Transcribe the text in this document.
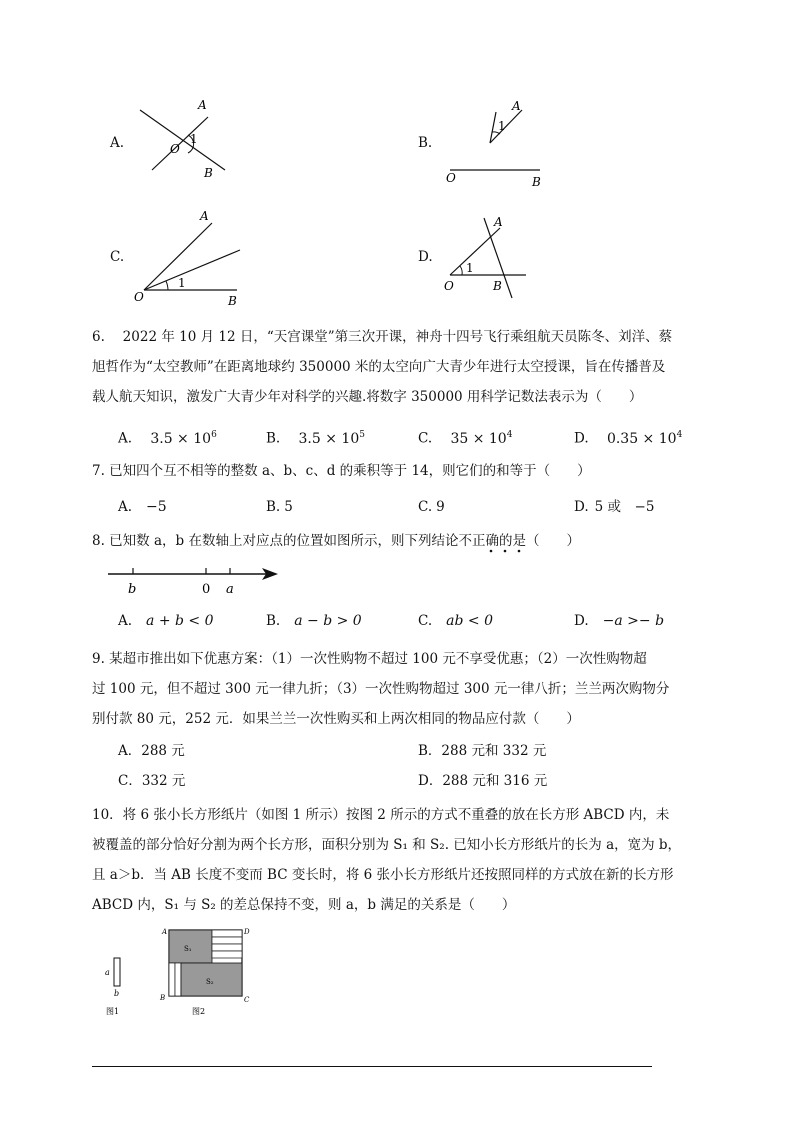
A.
A
O
1
B
B.
A
1
O	B
C.
A
1
O	B
D.
A
1
O	B
6.　 2022 年 10 月 12 日，“天宫课堂”第三次开课，神舟十四号飞行乘组航天员陈冬、刘洋、蔡
旭哲作为“太空教师”在距离地球约 350000 米的太空向广大青少年进行太空授课，旨在传播普及
载人航天知识，激发广大青少年对科学的兴趣.将数字 350000 用科学记数法表示为（　　）
A. $3.5 \times 10^6$	B. $3.5 \times 10^5$	C. $35 \times 10^4$	D. $0.35 \times 10^4$
7. 已知四个互不相等的整数 a、b、c、d 的乘积等于 14，则它们的和等于（　　）
A. −5	B. 5	C. 9	D. 5 或　−5
8. 已知数 a，b 在数轴上对应点的位置如图所示，则下列结论不正确的是（　　）
b	0 a
A. a + b < 0	B. a − b > 0	C. ab < 0	D. −a >− b
9. 某超市推出如下优惠方案：（1）一次性购物不超过 100 元不享受优惠；（2）一次性购物超
过 100 元，但不超过 300 元一律九折；（3）一次性购物超过 300 元一律八折；兰兰两次购物分
别付款 80 元，252 元．如果兰兰一次性购买和上两次相同的物品应付款（　　）
A．288 元	B．288 元和 332 元
C．332 元	D．288 元和 316 元
10．将 6 张小长方形纸片（如图 1 所示）按图 2 所示的方式不重叠的放在长方形 ABCD 内，未
被覆盖的部分恰好分割为两个长方形，面积分别为 S₁ 和 S₂. 已知小长方形纸片的长为 a，宽为 b，
且 a＞b．当 AB 长度不变而 BC 变长时，将 6 张小长方形纸片还按照同样的方式放在新的长方形
ABCD 内，S₁ 与 S₂ 的差总保持不变，则 a，b 满足的关系是（　　）
a
b
图1
A	D
B	C
S₁
S₂
图2
